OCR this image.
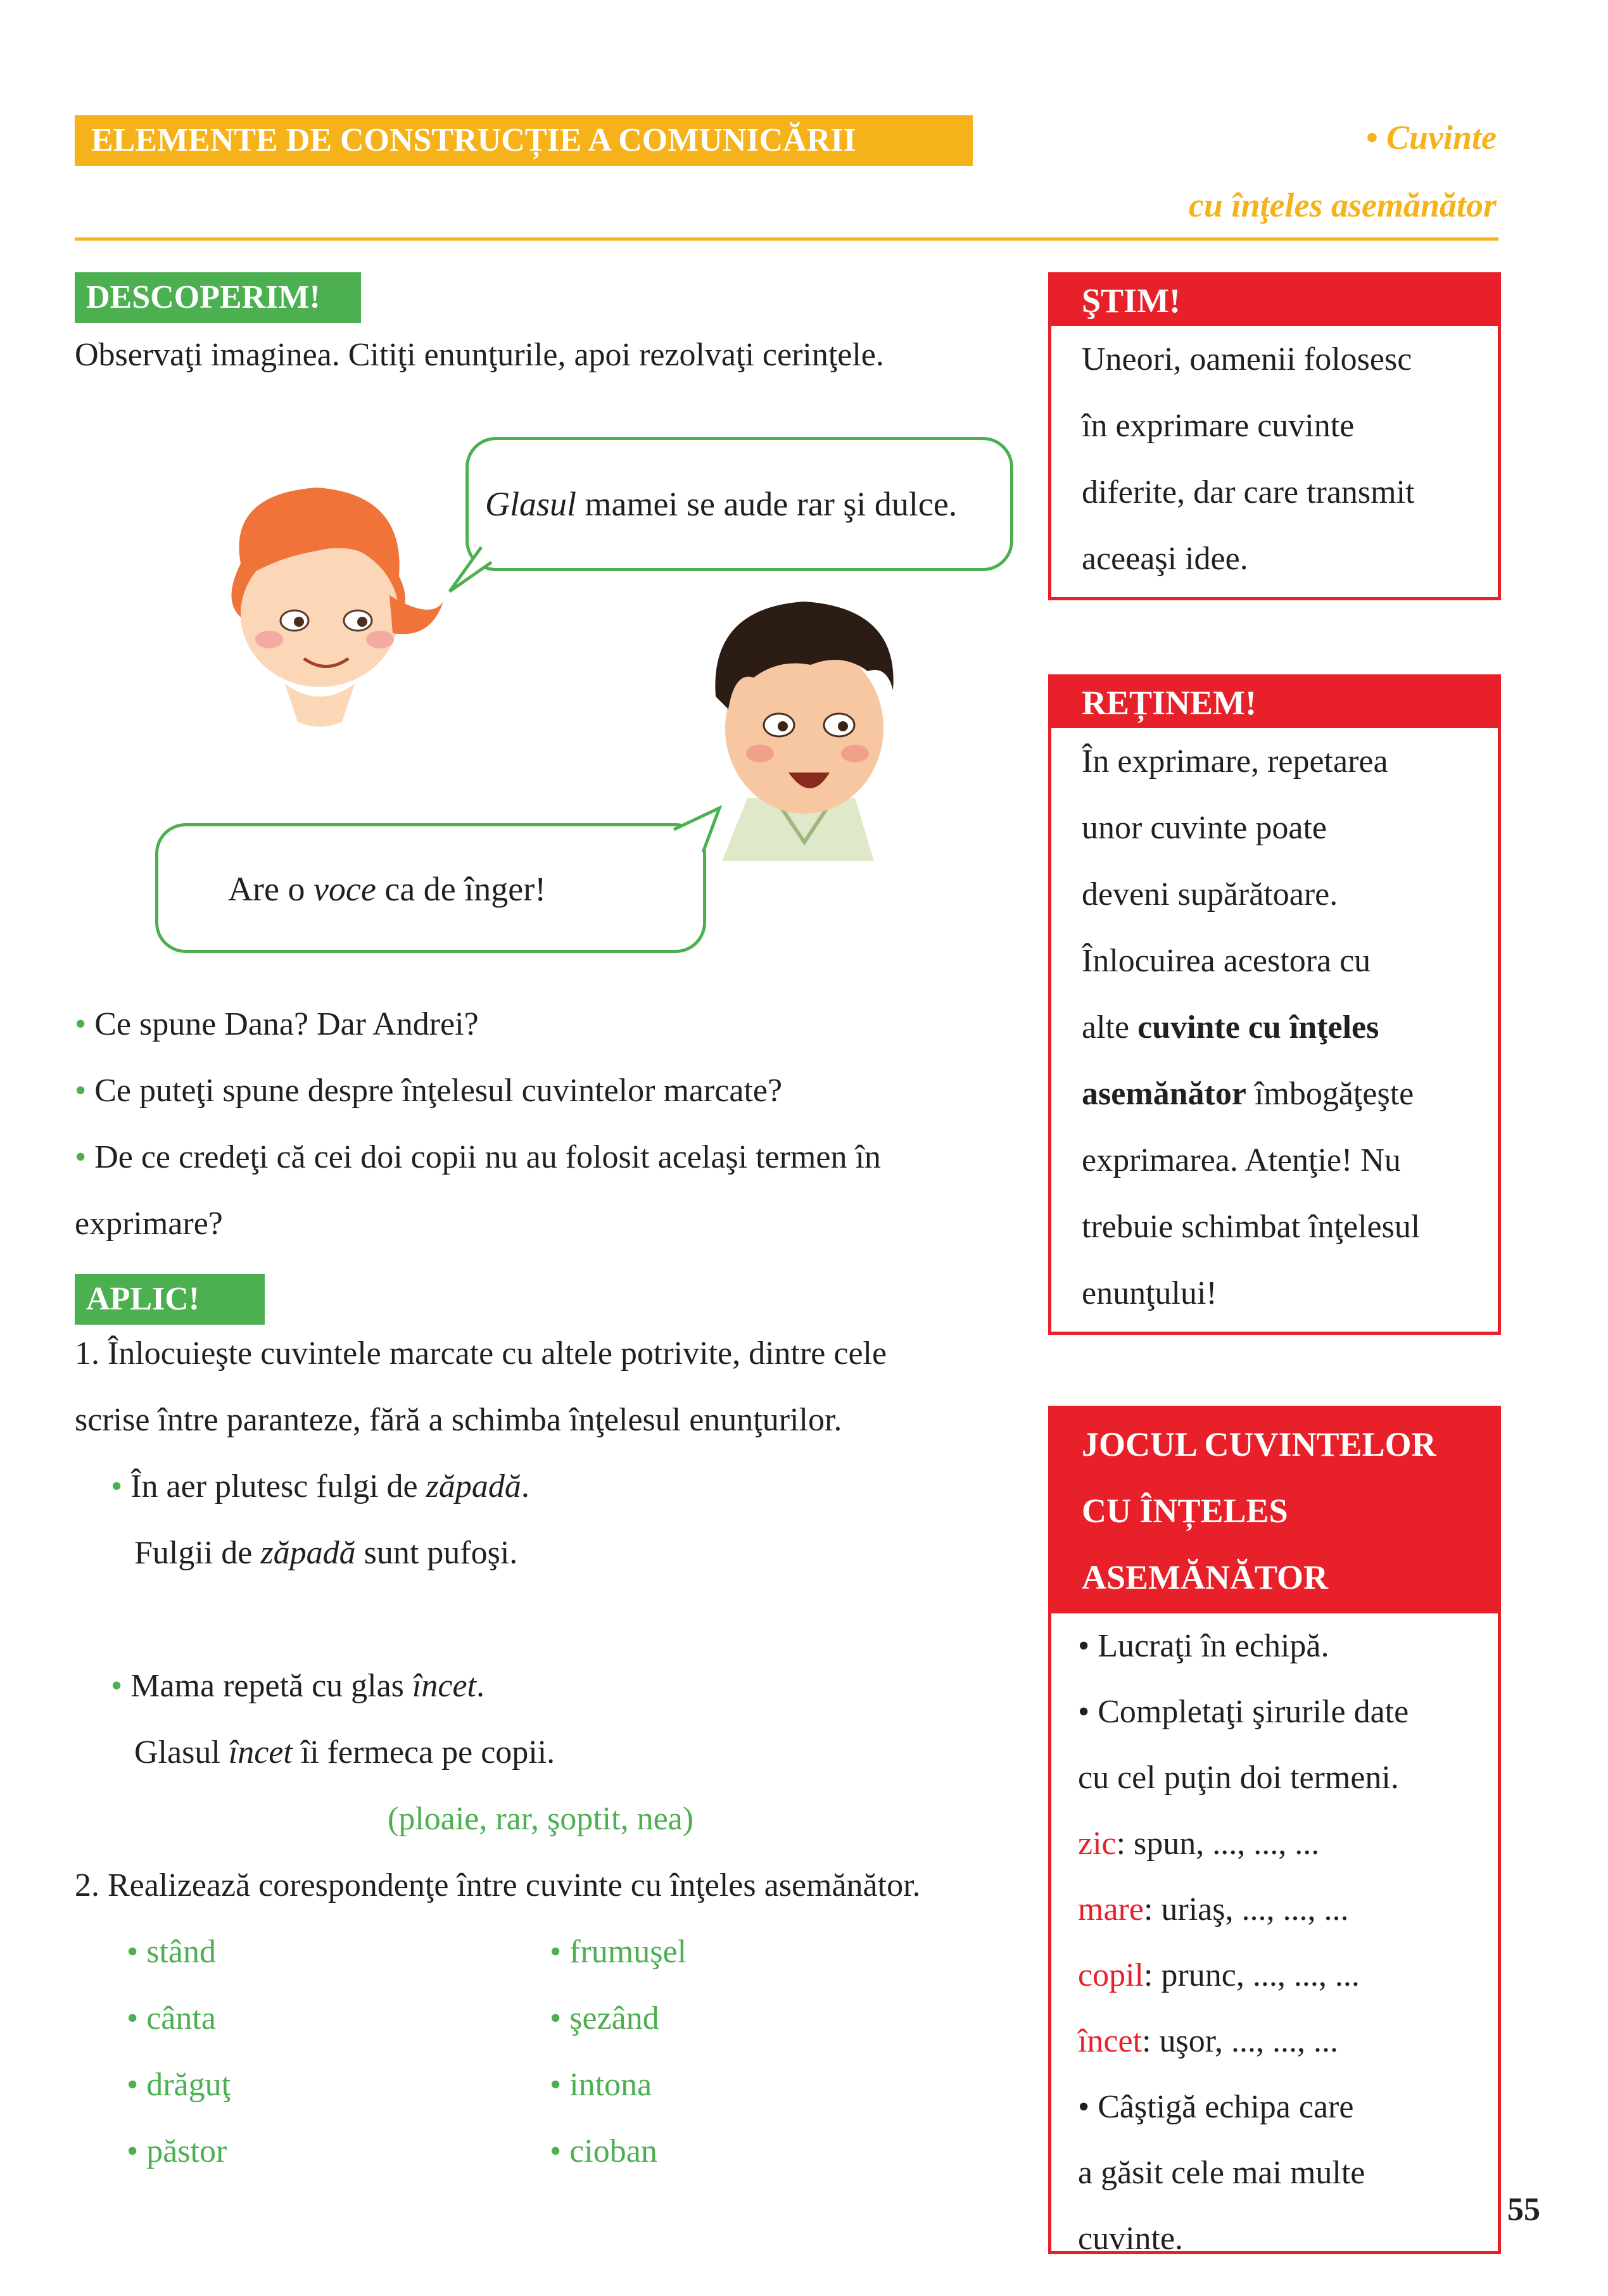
ELEMENTE DE CONSTRUCȚIE A COMUNICĂRII	• Cuvinte
cu înţeles asemănător
DESCOPERIM!
Observaţi imaginea. Citiţi enunţurile, apoi rezolvaţi cerinţele.
Glasul mamei se aude rar şi dulce.
Are o voce ca de înger!
• Ce spune Dana? Dar Andrei?
• Ce puteţi spune despre înţelesul cuvintelor marcate?
• De ce credeţi că cei doi copii nu au folosit acelaşi termen în
exprimare?
APLIC!
1. Înlocuieşte cuvintele marcate cu altele potrivite, dintre cele
scrise între paranteze, fără a schimba înţelesul enunţurilor.
• În aer plutesc fulgi de zăpadă.
Fulgii de zăpadă sunt pufoşi.
• Mama repetă cu glas încet.
Glasul încet îi fermeca pe copii.
(ploaie, rar, şoptit, nea)
2. Realizează corespondenţe între cuvinte cu înţeles asemănător.
• stând
• cânta
• drăguţ
• păstor
• frumuşel
• şezând
• intona
• cioban
ŞTIM!
Uneori, oamenii folosesc
în exprimare cuvinte
diferite, dar care transmit
aceeaşi idee.
REȚINEM!
În exprimare, repetarea
unor cuvinte poate
deveni supărătoare.
Înlocuirea acestora cu
alte cuvinte cu înţeles
asemănător îmbogăţeşte
exprimarea. Atenţie! Nu
trebuie schimbat înţelesul
enunţului!
JOCUL CUVINTELOR
CU ÎNȚELES
ASEMĂNĂTOR
• Lucraţi în echipă.
• Completaţi şirurile date
cu cel puţin doi termeni.
zic: spun, ..., ..., ...
mare: uriaş, ..., ..., ...
copil: prunc, ..., ..., ...
încet: uşor, ..., ..., ...
• Câştigă echipa care
a găsit cele mai multe
cuvinte.
55
